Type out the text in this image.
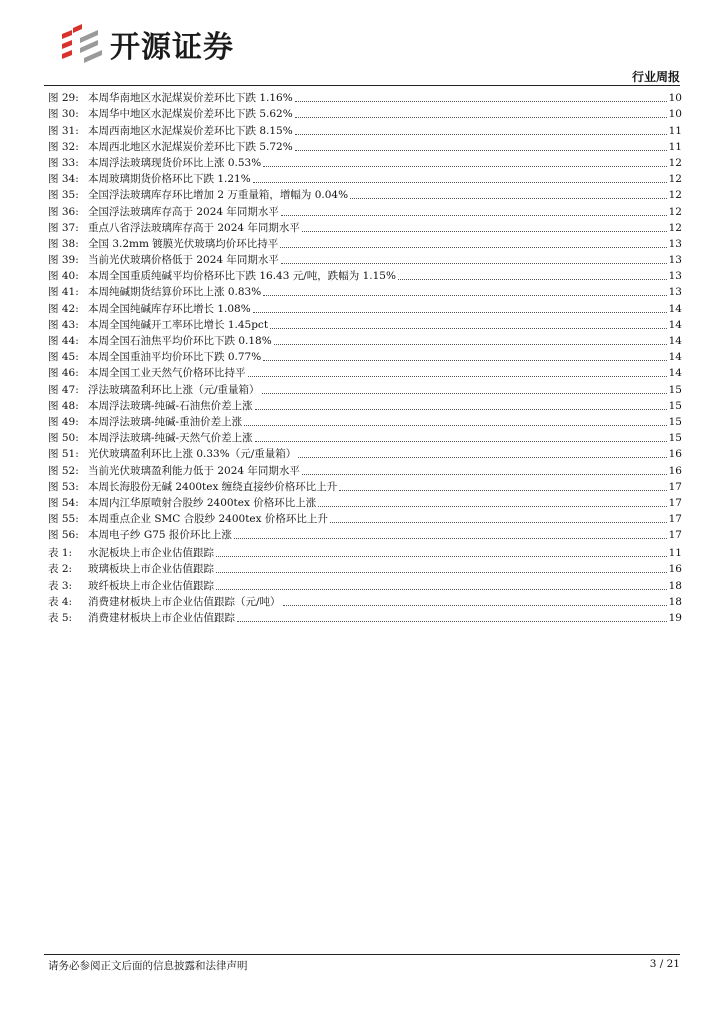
开源证券
行业周报
图 29: 本周华南地区水泥煤炭价差环比下跌 1.16%	10
图 30: 本周华中地区水泥煤炭价差环比下跌 5.62%	10
图 31: 本周西南地区水泥煤炭价差环比下跌 8.15%	11
图 32: 本周西北地区水泥煤炭价差环比下跌 5.72%	11
图 33: 本周浮法玻璃现货价环比上涨 0.53%	12
图 34: 本周玻璃期货价格环比下跌 1.21%	12
图 35: 全国浮法玻璃库存环比增加 2 万重量箱，增幅为 0.04%	12
图 36: 全国浮法玻璃库存高于 2024 年同期水平	12
图 37: 重点八省浮法玻璃库存高于 2024 年同期水平	12
图 38: 全国 3.2mm 镀膜光伏玻璃均价环比持平	13
图 39: 当前光伏玻璃价格低于 2024 年同期水平	13
图 40: 本周全国重质纯碱平均价格环比下跌 16.43 元/吨，跌幅为 1.15%	13
图 41: 本周纯碱期货结算价环比上涨 0.83%	13
图 42: 本周全国纯碱库存环比增长 1.08%	14
图 43: 本周全国纯碱开工率环比增长 1.45pct	14
图 44: 本周全国石油焦平均价环比下跌 0.18%	14
图 45: 本周全国重油平均价环比下跌 0.77%	14
图 46: 本周全国工业天然气价格环比持平	14
图 47: 浮法玻璃盈利环比上涨（元/重量箱）	15
图 48: 本周浮法玻璃-纯碱-石油焦价差上涨	15
图 49: 本周浮法玻璃-纯碱-重油价差上涨	15
图 50: 本周浮法玻璃-纯碱-天然气价差上涨	15
图 51: 光伏玻璃盈利环比上涨 0.33%（元/重量箱）	16
图 52: 当前光伏玻璃盈利能力低于 2024 年同期水平	16
图 53: 本周长海股份无碱 2400tex 缠绕直接纱价格环比上升	17
图 54: 本周内江华原喷射合股纱 2400tex 价格环比上涨	17
图 55: 本周重点企业 SMC 合股纱 2400tex 价格环比上升	17
图 56: 本周电子纱 G75 报价环比上涨	17
表 1:	水泥板块上市企业估值跟踪	11
表 2:	玻璃板块上市企业估值跟踪	16
表 3:	玻纤板块上市企业估值跟踪	18
表 4:	消费建材板块上市企业估值跟踪（元/吨）	18
表 5:	消费建材板块上市企业估值跟踪	19
请务必参阅正文后面的信息披露和法律声明	3 / 21
